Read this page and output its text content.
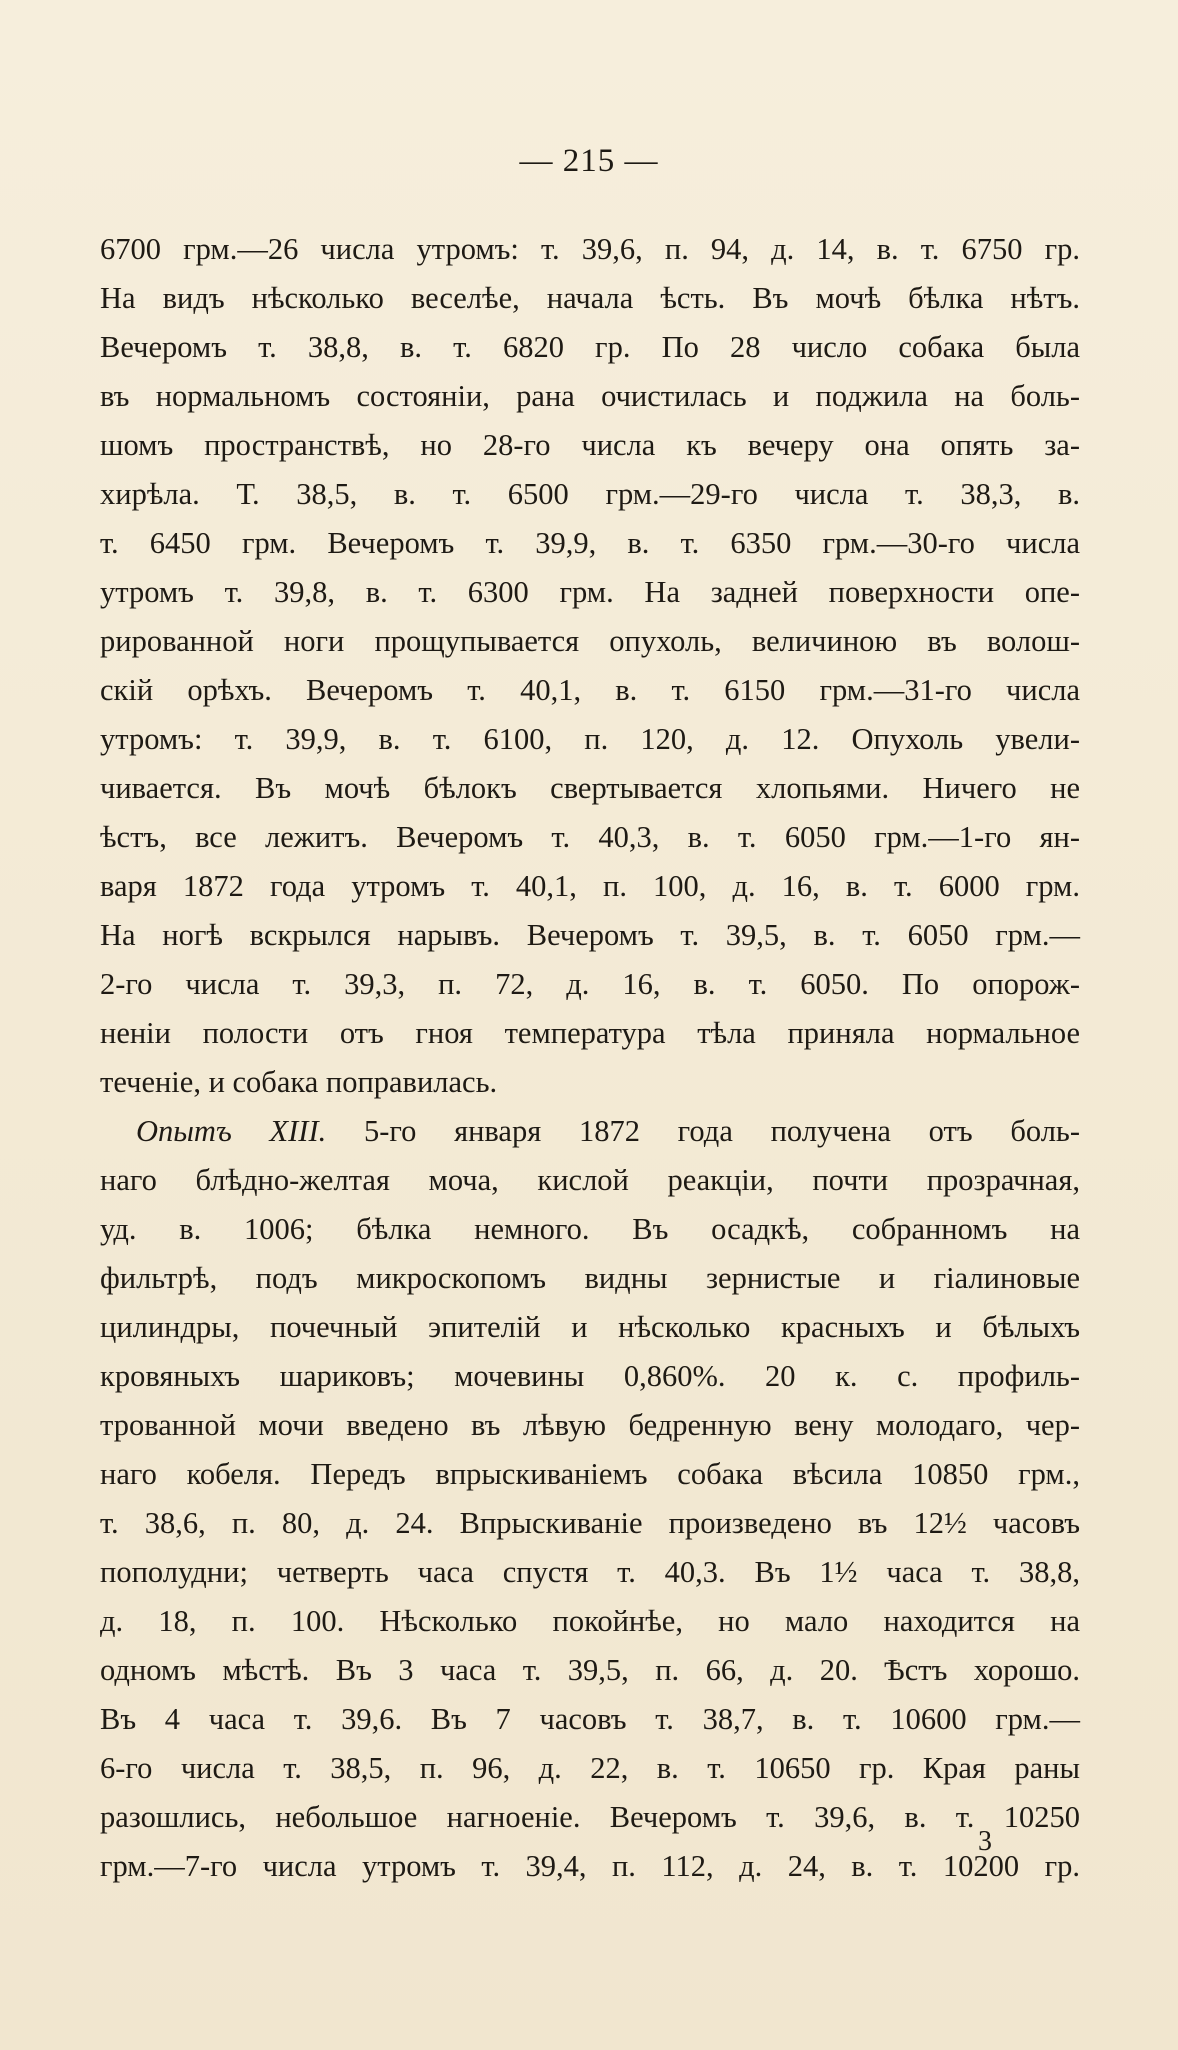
— 215 —
6700 грм.—26 числа утромъ: т. 39,6, п. 94, д. 14, в. т. 6750 гр.
На видъ нѣсколько веселѣе, начала ѣсть. Въ мочѣ бѣлка нѣтъ.
Вечеромъ т. 38,8, в. т. 6820 гр. По 28 число собака была
въ нормальномъ состоянiи, рана очистилась и поджила на боль-
шомъ пространствѣ, но 28-го числа къ вечеру она опять за-
хирѣла. Т. 38,5, в. т. 6500 грм.—29-го числа т. 38,3, в.
т. 6450 грм. Вечеромъ т. 39,9, в. т. 6350 грм.—30-го числа
утромъ т. 39,8, в. т. 6300 грм. На задней поверхности опе-
рированной ноги прощупывается опухоль, величиною въ волош-
скiй орѣхъ. Вечеромъ т. 40,1, в. т. 6150 грм.—31-го числа
утромъ: т. 39,9, в. т. 6100, п. 120, д. 12. Опухоль увели-
чивается. Въ мочѣ бѣлокъ свертывается хлопьями. Ничего не
ѣстъ, все лежитъ. Вечеромъ т. 40,3, в. т. 6050 грм.—1-го ян-
варя 1872 года утромъ т. 40,1, п. 100, д. 16, в. т. 6000 грм.
На ногѣ вскрылся нарывъ. Вечеромъ т. 39,5, в. т. 6050 грм.—
2-го числа т. 39,3, п. 72, д. 16, в. т. 6050. По опорож-
ненiи полости отъ гноя температура тѣла приняла нормальное
теченiе, и собака поправилась.
Опытъ XIII. 5-го января 1872 года получена отъ боль-
наго блѣдно-желтая моча, кислой реакцiи, почти прозрачная,
уд. в. 1006; бѣлка немного. Въ осадкѣ, собранномъ на
фильтрѣ, подъ микроскопомъ видны зернистые и гiалиновые
цилиндры, почечный эпителiй и нѣсколько красныхъ и бѣлыхъ
кровяныхъ шариковъ; мочевины 0,860%. 20 к. с. профиль-
трованной мочи введено въ лѣвую бедренную вену молодаго, чер-
наго кобеля. Передъ впрыскиванiемъ собака вѣсила 10850 грм.,
т. 38,6, п. 80, д. 24. Впрыскиванiе произведено въ 12½ часовъ
пополудни; четверть часа спустя т. 40,3. Въ 1½ часа т. 38,8,
д. 18, п. 100. Нѣсколько покойнѣе, но мало находится на
одномъ мѣстѣ. Въ 3 часа т. 39,5, п. 66, д. 20. Ѣстъ хорошо.
Въ 4 часа т. 39,6. Въ 7 часовъ т. 38,7, в. т. 10600 грм.—
6-го числа т. 38,5, п. 96, д. 22, в. т. 10650 гр. Края раны
разошлись, небольшое нагноенiе. Вечеромъ т. 39,6, в. т. 10250
грм.—7-го числа утромъ т. 39,4, п. 112, д. 24, в. т. 10200 гр.
3
